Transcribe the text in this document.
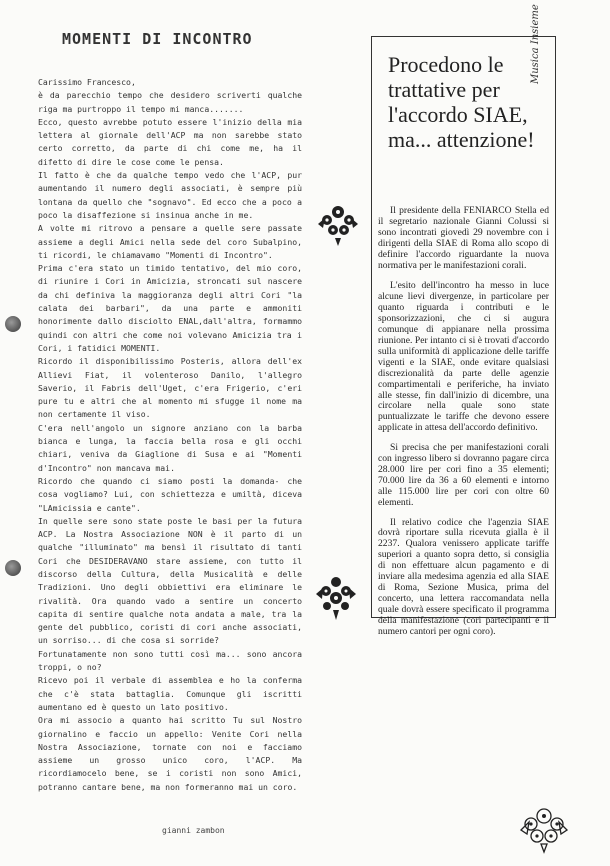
MOMENTI DI INCONTRO

Carissimo Francesco,

è da parecchio tempo che desidero scriverti qualche riga ma purtroppo il tempo mi manca.......

Ecco, questo avrebbe potuto essere l'inizio della mia lettera al giornale dell'ACP ma non sarebbe stato certo corretto, da parte di chi come me, ha il difetto di dire le cose come le pensa.

Il fatto è che da qualche tempo vedo che l'ACP, pur aumentando il numero degli associati, è sempre più lontana da quello che "sognavo". Ed ecco che a poco a poco la disaffezione si insinua anche in me.

A volte mi ritrovo a pensare a quelle sere passate assieme a degli Amici nella sede del coro Subalpino, ti ricordi, le chiamavamo "Momenti di Incontro".

Prima c'era stato un timido tentativo, del mio coro, di riunire i Cori in Amicizia, stroncati sul nascere da chi definiva la maggioranza degli altri Cori "la calata dei barbari", da una parte e ammoniti honorimente dallo disciolto ENAL,dall'altra, formammo quindi con altri che come noi volevano Amicizia tra i Cori, i fatidici MOMENTI.

Ricordo il disponibilissimo Posteris, allora dell'ex Allievi Fiat, il volenteroso Danilo, l'allegro Saverio, il Fabris dell'Uget, c'era Frigerio, c'eri pure tu e altri che al momento mi sfugge il nome ma non certamente il viso.

C'era nell'angolo un signore anziano con la barba bianca e lunga, la faccia bella rosa e gli occhi chiari, veniva da Giaglione di Susa e ai "Momenti d'Incontro" non mancava mai.

Ricordo che quando ci siamo posti la domanda- che cosa vogliamo? Lui, con schiettezza e umiltà, diceva "LAmicissia e cante".

In quelle sere sono state poste le basi per la futura ACP. La Nostra Associazione NON è il parto di un qualche "illuminato" ma bensì il risultato di tanti Cori che DESIDERAVANO stare assieme, con tutto il discorso della Cultura, della Musicalità e delle Tradizioni. Uno degli obbiettivi era eliminare le rivalità. Ora quando vado a sentire un concerto capita di sentire qualche nota andata a male, tra la gente del pubblico, coristi di cori anche associati, un sorriso... di che cosa si sorride?

Fortunatamente non sono tutti così ma... sono ancora troppi, o no?

Ricevo poi il verbale di assemblea e ho la conferma che c'è stata battaglia. Comunque gli iscritti aumentano ed è questo un lato positivo.

Ora mi associo a quanto hai scritto Tu sul Nostro giornalino e faccio un appello: Venite Cori nella Nostra Associazione, tornate con noi e facciamo assieme un grosso unico coro, l'ACP. Ma ricordiamocelo bene, se i coristi non sono Amici, potranno cantare bene, ma non formeranno mai un coro.

gianni zambon
Musica Insieme
Procedono le trattative per l'accordo SIAE, ma... attenzione!

Il presidente della FENIARCO Stella ed il segretario nazionale Gianni Colussi si sono incontrati giovedì 29 novembre con i dirigenti della SIAE di Roma allo scopo di definire l'accordo riguardante la nuova normativa per le manifestazioni corali.

L'esito dell'incontro ha messo in luce alcune lievi divergenze, in particolare per quanto riguarda i contributi e le sponsorizzazioni, che ci si augura comunque di appianare nella prossima riunione. Per intanto ci si è trovati d'accordo sulla uniformità di applicazione delle tariffe vigenti e la SIAE, onde evitare qualsiasi discrezionalità da parte delle agenzie compartimentali e periferiche, ha inviato alle stesse, fin dall'inizio di dicembre, una circolare nella quale sono state puntualizzate le tariffe che devono essere applicate in attesa dell'accordo definitivo.

Si precisa che per manifestazioni corali con ingresso libero si dovranno pagare circa 28.000 lire per cori fino a 35 elementi; 70.000 lire da 36 a 60 elementi e intorno alle 115.000 lire per cori con oltre 60 elementi.

Il relativo codice che l'agenzia SIAE dovrà riportare sulla ricevuta gialla è il 2237. Qualora venissero applicate tariffe superiori a quanto sopra detto, si consiglia di non effettuare alcun pagamento e di inviare alla medesima agenzia ed alla SIAE di Roma, Sezione Musica, prima del concerto, una lettera raccomandata nella quale dovrà essere specificato il programma della manifestazione (cori partecipanti e il numero cantori per ogni coro).
